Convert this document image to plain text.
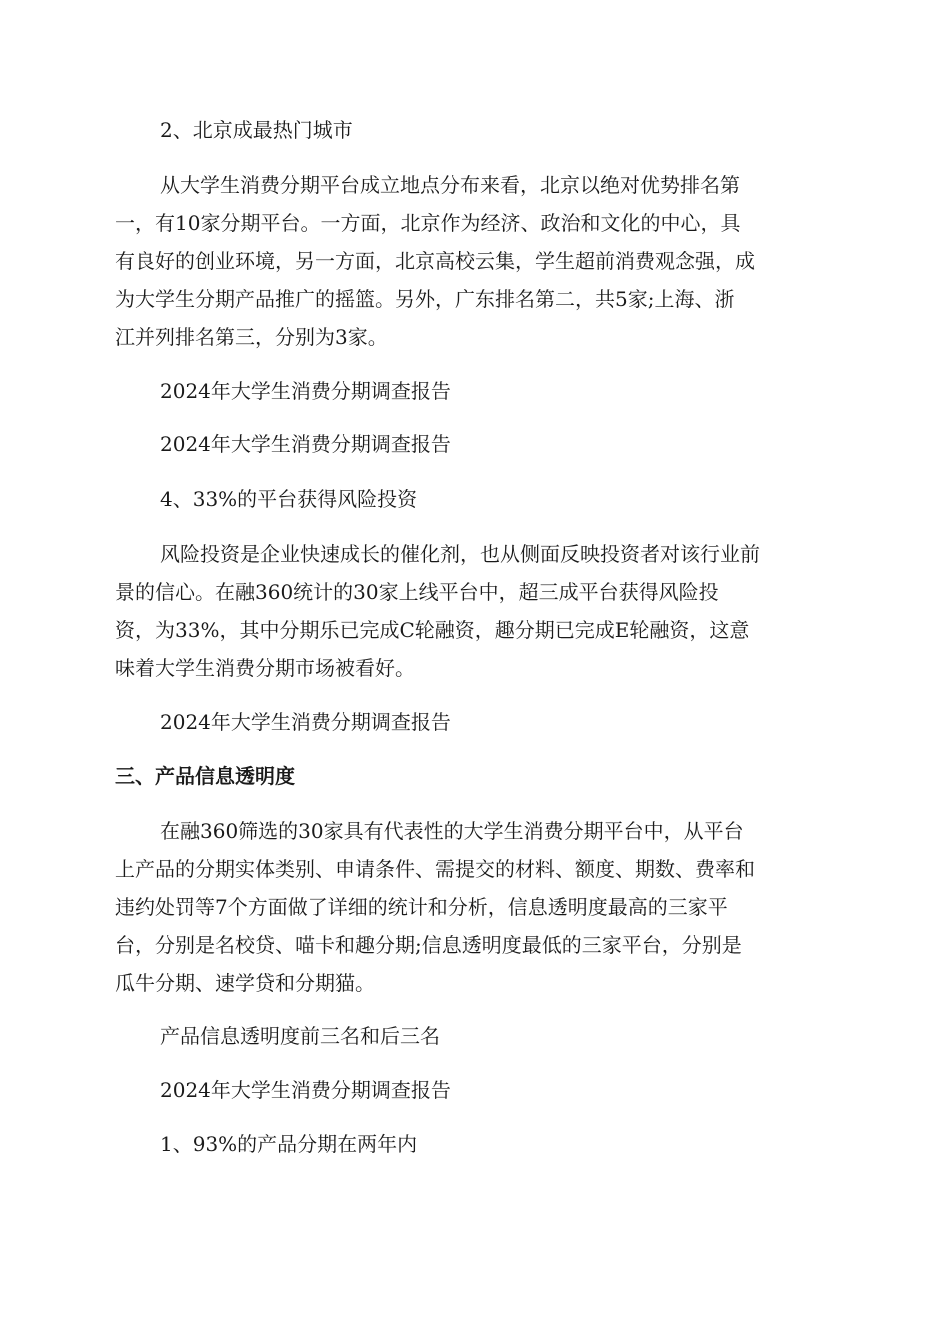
2、北京成最热门城市

从大学生消费分期平台成立地点分布来看，北京以绝对优势排名第
一，有10家分期平台。一方面，北京作为经济、政治和文化的中心，具
有良好的创业环境，另一方面，北京高校云集，学生超前消费观念强，成
为大学生分期产品推广的摇篮。另外，广东排名第二，共5家;上海、浙
江并列排名第三，分别为3家。

2024年大学生消费分期调查报告

2024年大学生消费分期调查报告

4、33%的平台获得风险投资

风险投资是企业快速成长的催化剂，也从侧面反映投资者对该行业前
景的信心。在融360统计的30家上线平台中，超三成平台获得风险投
资，为33%，其中分期乐已完成C轮融资，趣分期已完成E轮融资，这意
味着大学生消费分期市场被看好。

2024年大学生消费分期调查报告

三、产品信息透明度

在融360筛选的30家具有代表性的大学生消费分期平台中，从平台
上产品的分期实体类别、申请条件、需提交的材料、额度、期数、费率和
违约处罚等7个方面做了详细的统计和分析，信息透明度最高的三家平
台，分别是名校贷、喵卡和趣分期;信息透明度最低的三家平台，分别是
瓜牛分期、速学贷和分期猫。

产品信息透明度前三名和后三名

2024年大学生消费分期调查报告

1、93%的产品分期在两年内
